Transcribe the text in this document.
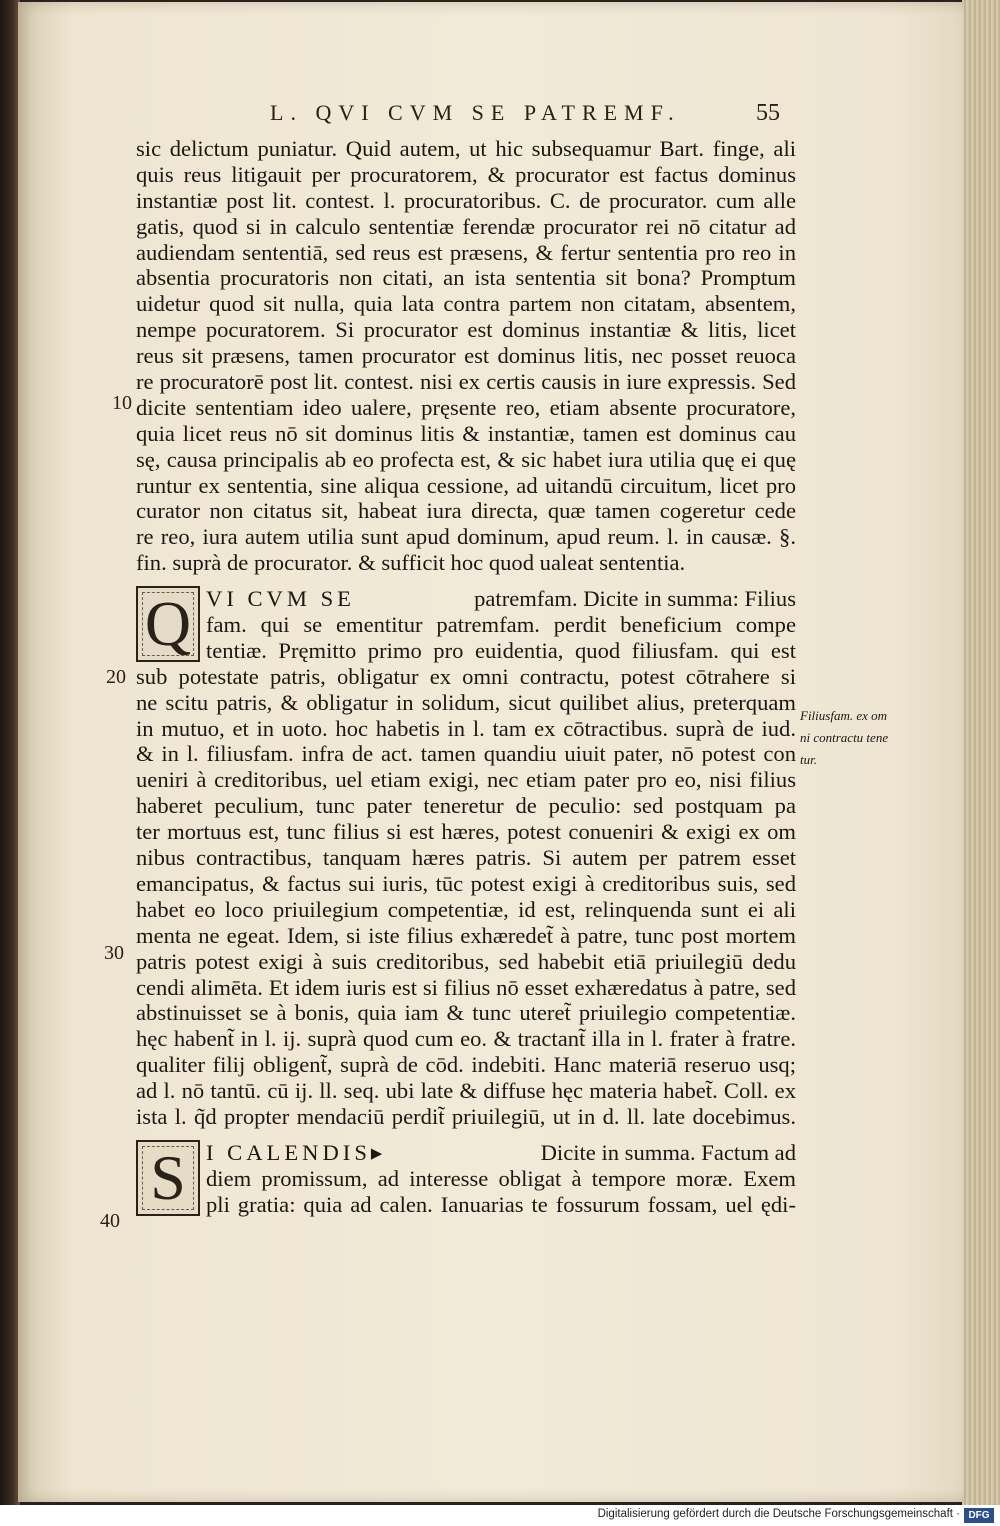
L. QVI CVM SE PATREMF.	55
sic delictum puniatur. Quid autem, ut hic subsequamur Bart. finge, ali
quis reus litigauit per procuratorem, & procurator est factus dominus
instantiæ post lit. contest. l. procuratoribus. C. de procurator. cum alle
gatis, quod si in calculo sententiæ ferendæ procurator rei nō citatur ad
audiendam sententiā, sed reus est præsens, & fertur sententia pro reo in
absentia procuratoris non citati, an ista sententia sit bona? Promptum
uidetur quod sit nulla, quia lata contra partem non citatam, absentem,
nempe pocuratorem. Si procurator est dominus instantiæ & litis, licet
reus sit præsens, tamen procurator est dominus litis, nec posset reuoca
re procuratorē post lit. contest. nisi ex certis causis in iure expressis. Sed
dicite sententiam ideo ualere, pręsente reo, etiam absente procuratore,
quia licet reus nō sit dominus litis & instantiæ, tamen est dominus cau
sę, causa principalis ab eo profecta est, & sic habet iura utilia quę ei quę
runtur ex sententia, sine aliqua cessione, ad uitandū circuitum, licet pro
curator non citatus sit, habeat iura directa, quæ tamen cogeretur cede
re reo, iura autem utilia sunt apud dominum, apud reum. l. in causæ. §.
fin. suprà de procurator. & sufficit hoc quod ualeat sententia.
Q VI CVM SE	patremfam. Dicite in summa: Filius
fam. qui se ementitur patremfam. perdit beneficium compe
tentiæ. Pręmitto primo pro euidentia, quod filiusfam. qui est
sub potestate patris, obligatur ex omni contractu, potest cōtrahere si
ne scitu patris, & obligatur in solidum, sicut quilibet alius, preterquam
in mutuo, et in uoto. hoc habetis in l. tam ex cōtractibus. suprà de iud.
& in l. filiusfam. infra de act. tamen quandiu uiuit pater, nō potest con
ueniri à creditoribus, uel etiam exigi, nec etiam pater pro eo, nisi filius
haberet peculium, tunc pater teneretur de peculio: sed postquam pa
ter mortuus est, tunc filius si est hæres, potest conueniri & exigi ex om
nibus contractibus, tanquam hæres patris. Si autem per patrem esset
emancipatus, & factus sui iuris, tūc potest exigi à creditoribus suis, sed
habet eo loco priuilegium competentiæ, id est, relinquenda sunt ei ali
menta ne egeat. Idem, si iste filius exhæredet̃ à patre, tunc post mortem
patris potest exigi à suis creditoribus, sed habebit etiā priuilegiū dedu
cendi alimēta. Et idem iuris est si filius nō esset exhæredatus à patre, sed
abstinuisset se à bonis, quia iam & tunc uteret̃ priuilegio competentiæ.
hęc habent̃ in l. ij. suprà quod cum eo. & tractant̃ illa in l. frater à fratre.
qualiter filij obligent̃, suprà de cōd. indebiti. Hanc materiā reseruo usq;
ad l. nō tantū. cū ij. ll. seq. ubi late & diffuse hęc materia habet̃. Coll. ex
ista l. q̃d propter mendaciū perdit̃ priuilegiū, ut in d. ll. late docebimus.
S I CALENDIS▸	Dicite in summa. Factum ad
diem promissum, ad interesse obligat à tempore moræ. Exem
pli gratia: quia ad calen. Ianuarias te fossurum fossam, uel ędi-
10
20
30
40
Filiusfam. ex om
ni contractu tene
tur.
Digitalisierung gefördert durch die Deutsche Forschungsgemeinschaft · DFG
